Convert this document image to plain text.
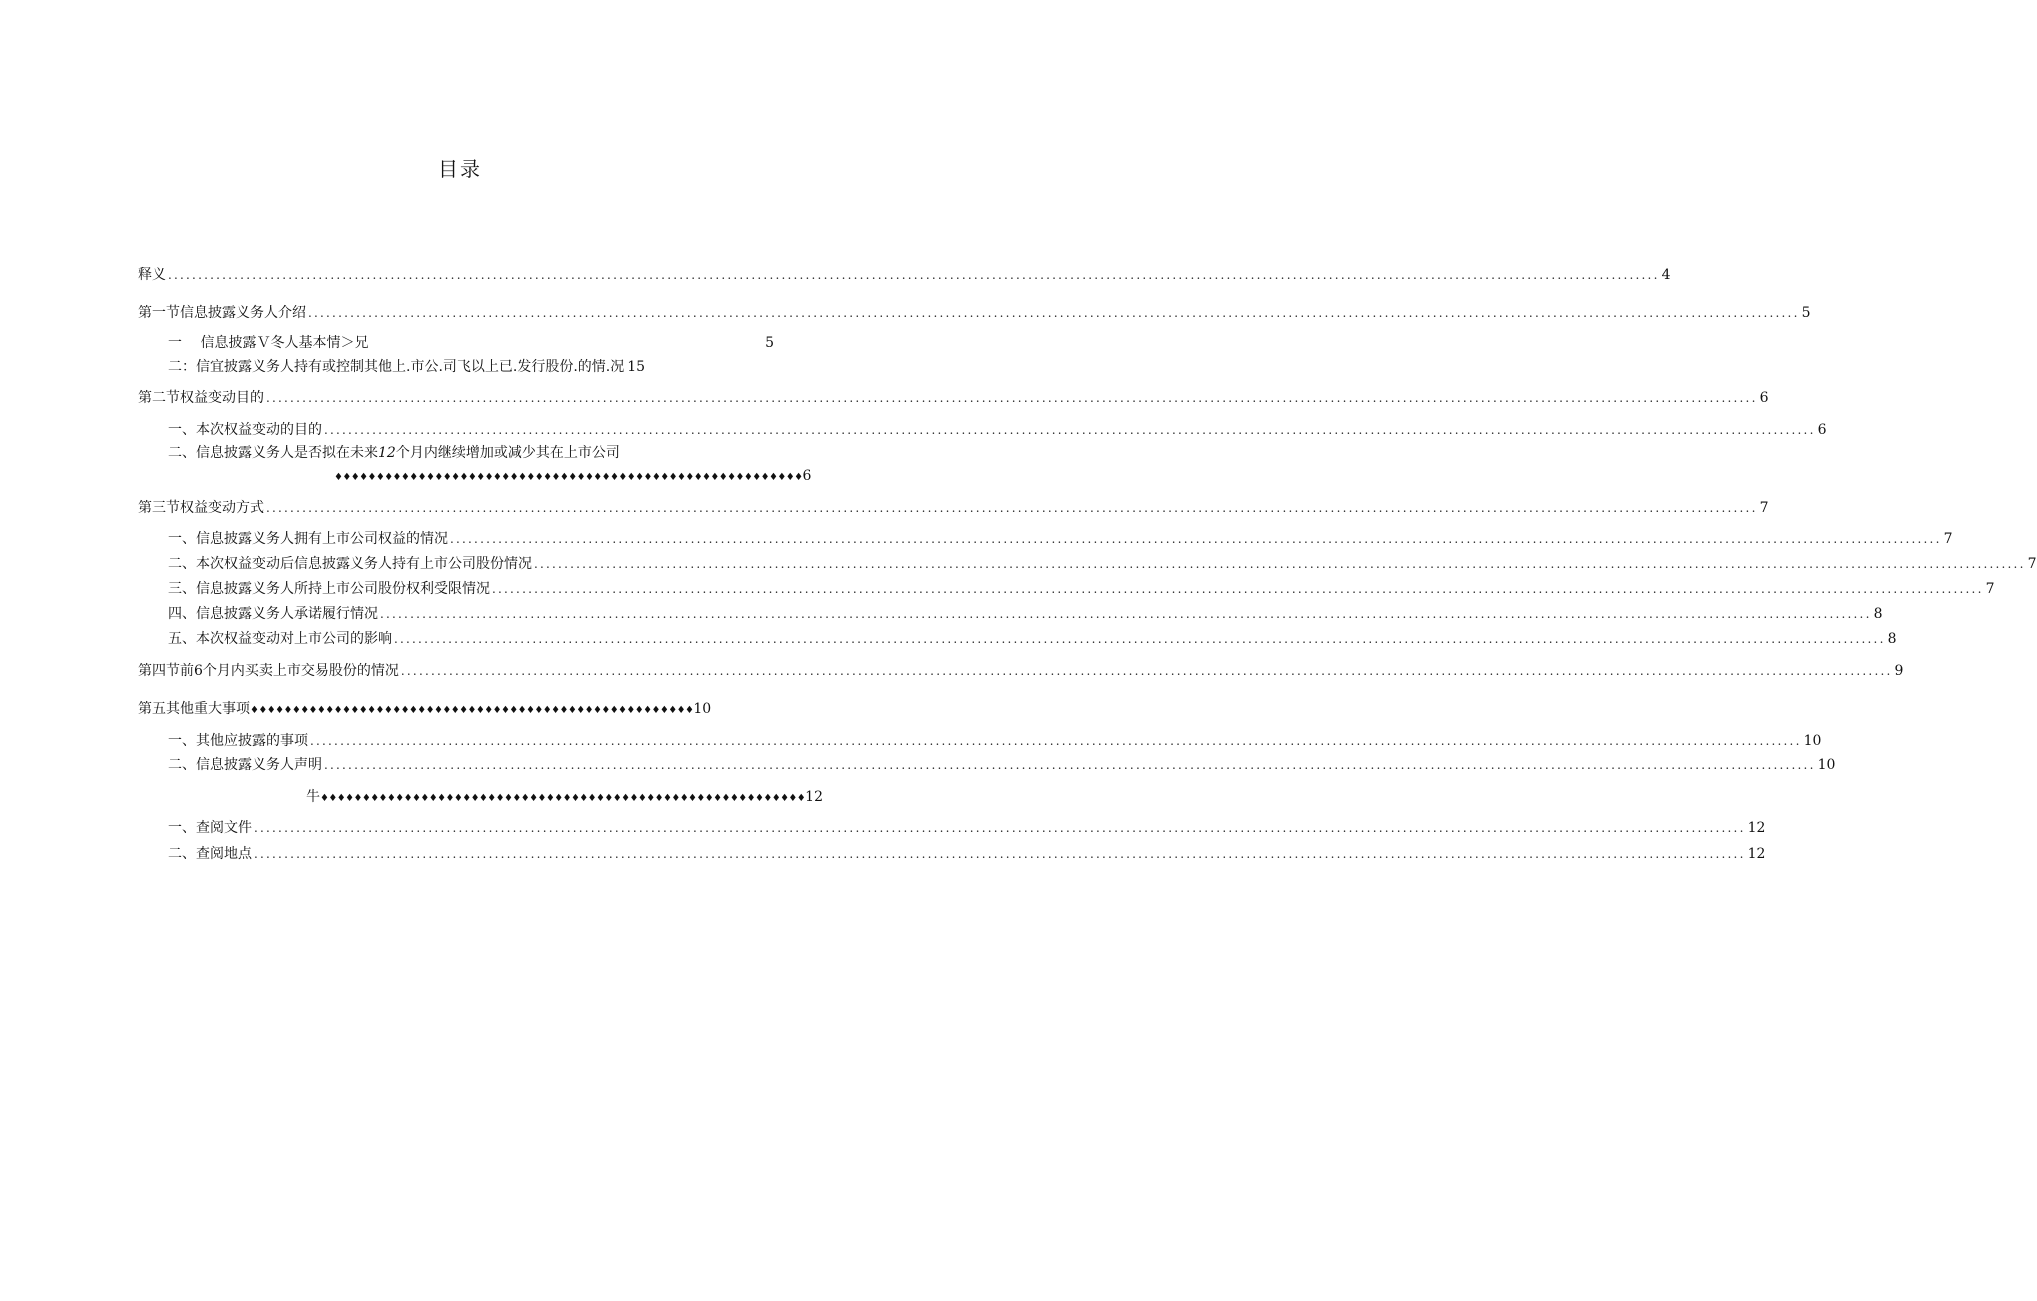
目录
释义 .....	4
第一节信息披露义务人介绍 .....	5
一　 信息披露Ｖ冬人基本情＞兄	5
二：信宜披露义务人持有或控制其他上.市公.司飞以上已.发行股份.的情.况 15
第二节权益变动目的 .....	6
一、本次权益变动的目的 .....	6
二、信息披露义务人是否拟在未来12个月内继续增加或减少其在上市公司
♦♦♦♦♦♦♦♦♦♦♦♦♦♦♦♦♦♦♦♦♦♦♦♦♦♦♦♦♦♦♦♦♦♦♦♦♦♦♦♦♦♦♦♦♦♦♦♦♦♦♦♦♦♦♦♦6
第三节权益变动方式 .....	7
一、信息披露义务人拥有上市公司权益的情况 .....	7
二、本次权益变动后信息披露义务人持有上市公司股份情况 .....	7
三、信息披露义务人所持上市公司股份权利受限情况 .....	7
四、信息披露义务人承诺履行情况 .....	8
五、本次权益变动对上市公司的影响 .....	8
第四节前6个月内买卖上市交易股份的情况 .....	9
第五其他重大事项♦♦♦♦♦♦♦♦♦♦♦♦♦♦♦♦♦♦♦♦♦♦♦♦♦♦♦♦♦♦♦♦♦♦♦♦♦♦♦♦♦♦♦♦♦♦♦♦♦♦♦♦♦10
一、其他应披露的事项 .....	10
二、信息披露义务人声明 .....	10
牛♦♦♦♦♦♦♦♦♦♦♦♦♦♦♦♦♦♦♦♦♦♦♦♦♦♦♦♦♦♦♦♦♦♦♦♦♦♦♦♦♦♦♦♦♦♦♦♦♦♦♦♦♦♦♦♦♦♦12
一、查阅文件 .....	12
二、查阅地点 .....	12
